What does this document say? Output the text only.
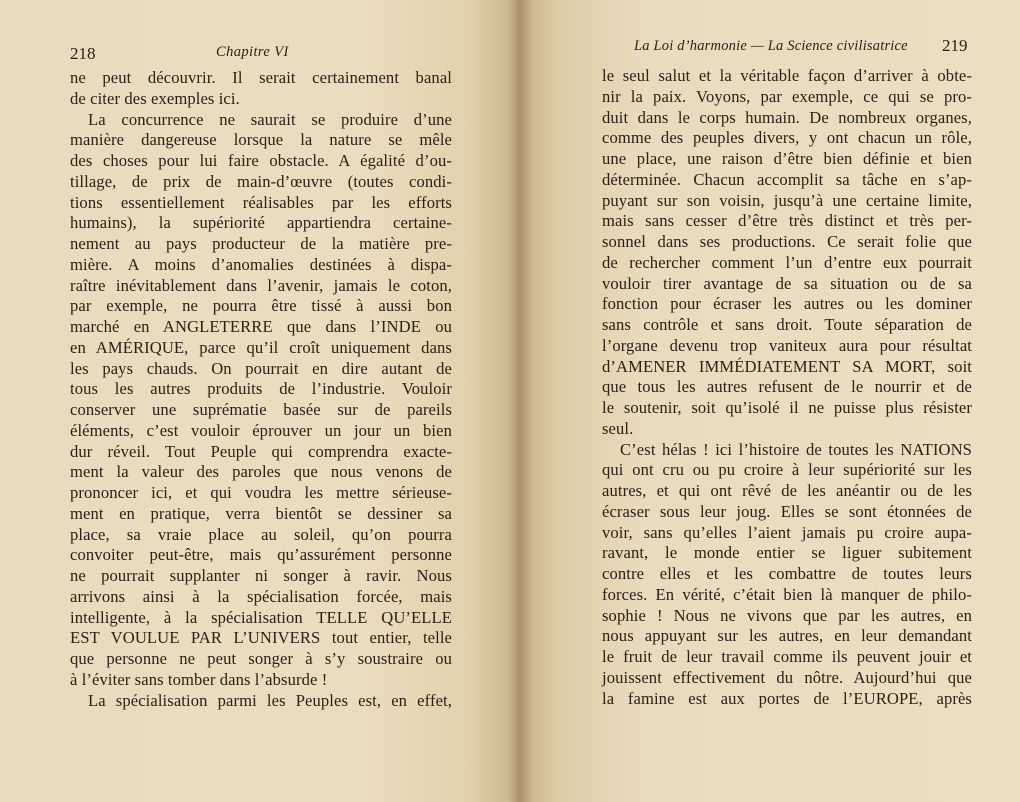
218	Chapitre VI
ne peut découvrir. Il serait certainement banal
de citer des exemples ici.
La concurrence ne saurait se produire d’une
manière dangereuse lorsque la nature se mêle
des choses pour lui faire obstacle. A égalité d’ou-
tillage, de prix de main-d’œuvre (toutes condi-
tions essentiellement réalisables par les efforts
humains), la supériorité appartiendra certaine-
nement au pays producteur de la matière pre-
mière. A moins d’anomalies destinées à dispa-
raître inévitablement dans l’avenir, jamais le coton,
par exemple, ne pourra être tissé à aussi bon
marché en ANGLETERRE que dans l’INDE ou
en AMÉRIQUE, parce qu’il croît uniquement dans
les pays chauds. On pourrait en dire autant de
tous les autres produits de l’industrie. Vouloir
conserver une suprématie basée sur de pareils
éléments, c’est vouloir éprouver un jour un bien
dur réveil. Tout Peuple qui comprendra exacte-
ment la valeur des paroles que nous venons de
prononcer ici, et qui voudra les mettre sérieuse-
ment en pratique, verra bientôt se dessiner sa
place, sa vraie place au soleil, qu’on pourra
convoiter peut-être, mais qu’assurément personne
ne pourrait supplanter ni songer à ravir. Nous
arrivons ainsi à la spécialisation forcée, mais
intelligente, à la spécialisation TELLE QU’ELLE
EST VOULUE PAR L’UNIVERS tout entier, telle
que personne ne peut songer à s’y soustraire ou
à l’éviter sans tomber dans l’absurde !
La spécialisation parmi les Peuples est, en effet,
La Loi d’harmonie — La Science civilisatrice 219
le seul salut et la véritable façon d’arriver à obte-
nir la paix. Voyons, par exemple, ce qui se pro-
duit dans le corps humain. De nombreux organes,
comme des peuples divers, y ont chacun un rôle,
une place, une raison d’être bien définie et bien
déterminée. Chacun accomplit sa tâche en s’ap-
puyant sur son voisin, jusqu’à une certaine limite,
mais sans cesser d’être très distinct et très per-
sonnel dans ses productions. Ce serait folie que
de rechercher comment l’un d’entre eux pourrait
vouloir tirer avantage de sa situation ou de sa
fonction pour écraser les autres ou les dominer
sans contrôle et sans droit. Toute séparation de
l’organe devenu trop vaniteux aura pour résultat
d’AMENER IMMÉDIATEMENT SA MORT, soit
que tous les autres refusent de le nourrir et de
le soutenir, soit qu’isolé il ne puisse plus résister
seul.
C’est hélas ! ici l’histoire de toutes les NATIONS
qui ont cru ou pu croire à leur supériorité sur les
autres, et qui ont rêvé de les anéantir ou de les
écraser sous leur joug. Elles se sont étonnées de
voir, sans qu’elles l’aient jamais pu croire aupa-
ravant, le monde entier se liguer subitement
contre elles et les combattre de toutes leurs
forces. En vérité, c’était bien là manquer de philo-
sophie ! Nous ne vivons que par les autres, en
nous appuyant sur les autres, en leur demandant
le fruit de leur travail comme ils peuvent jouir et
jouissent effectivement du nôtre. Aujourd’hui que
la famine est aux portes de l’EUROPE, après
